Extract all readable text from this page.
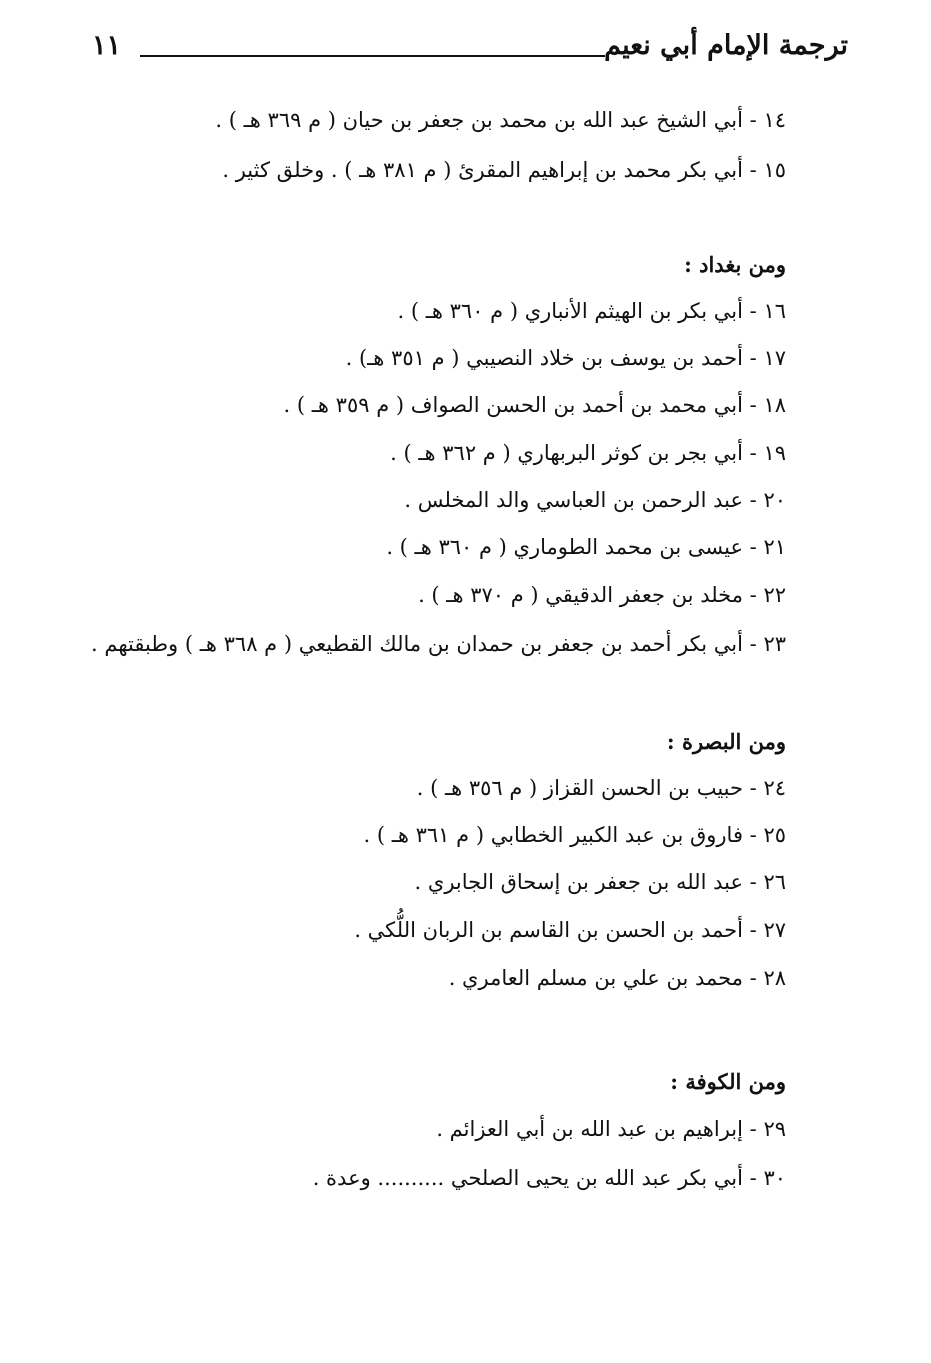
ترجمة الإمام أبي نعيم
١١
١٤ - أبي الشيخ عبد الله بن محمد بن جعفر بن حيان ( م ٣٦٩ هـ ) .
١٥ - أبي بكر محمد بن إبراهيم المقرئ ( م ٣٨١ هـ ) . وخلق كثير .
ومن بغداد :
١٦ - أبي بكر بن الهيثم الأنباري ( م ٣٦٠ هـ ) .
١٧ - أحمد بن يوسف بن خلاد النصيبي ( م ٣٥١ هـ) .
١٨ - أبي محمد بن أحمد بن الحسن الصواف ( م ٣٥٩ هـ ) .
١٩ - أبي بجر بن كوثر البربهاري ( م ٣٦٢ هـ ) .
٢٠ - عبد الرحمن بن العباسي والد المخلس .
٢١ - عيسى بن محمد الطوماري ( م ٣٦٠ هـ ) .
٢٢ - مخلد بن جعفر الدقيقي ( م ٣٧٠ هـ ) .
٢٣ - أبي بكر أحمد بن جعفر بن حمدان بن مالك القطيعي ( م ٣٦٨ هـ ) وطبقتهم .
ومن البصرة :
٢٤ - حبيب بن الحسن القزاز ( م ٣٥٦ هـ ) .
٢٥ - فاروق بن عبد الكبير الخطابي ( م ٣٦١ هـ ) .
٢٦ - عبد الله بن جعفر بن إسحاق الجابري .
٢٧ - أحمد بن الحسن بن القاسم بن الربان اللُّكي .
٢٨ - محمد بن علي بن مسلم العامري .
ومن الكوفة :
٢٩ - إبراهيم بن عبد الله بن أبي العزائم .
٣٠ - أبي بكر عبد الله بن يحيى الصلحي .......... وعدة .
